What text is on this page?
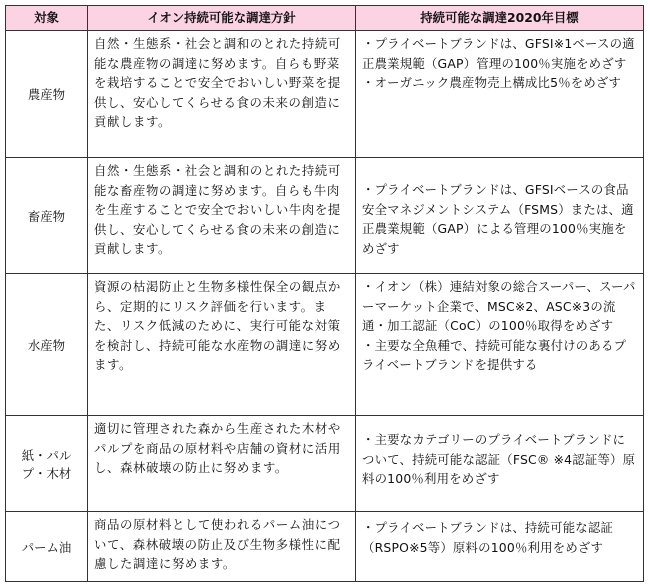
対象	イオン持続可能な調達方針	持続可能な調達2020年目標
農産物	自然・生態系・社会と調和のとれた持続可能な農産物の調達に努めます。自らも野菜を栽培することで安全でおいしい野菜を提供し、安心してくらせる食の未来の創造に貢献します。	・プライベートブランドは、GFSI※1ベースの適正農業規範（GAP）管理の100％実施をめざす
・オーガニック農産物売上構成比5％をめざす

畜産物	自然・生態系・社会と調和のとれた持続可能な畜産物の調達に努めます。自らも牛肉を生産することで安全でおいしい牛肉を提供し、安心してくらせる食の未来の創造に貢献します。	・プライベートブランドは、GFSIベースの食品安全マネジメントシステム（FSMS）または、適正農業規範（GAP）による管理の100％実施をめざす

水産物	資源の枯渇防止と生物多様性保全の観点から、定期的にリスク評価を行います。また、リスク低減のために、実行可能な対策を検討し、持続可能な水産物の調達に努めます。	・イオン（株）連結対象の総合スーパー、スーパーマーケット企業で、MSC※2、ASC※3の流通・加工認証（CoC）の100％取得をめざす
・主要な全魚種で、持続可能な裏付けのあるプライベートブランドを提供する

紙・パルプ・木材	適切に管理された森から生産された木材やパルプを商品の原材料や店舗の資材に活用し、森林破壊の防止に努めます。	・主要なカテゴリーのプライベートブランドについて、持続可能な認証（FSC® ※4認証等）原料の100％利用をめざす

パーム油	商品の原材料として使われるパーム油について、森林破壊の防止及び生物多様性に配慮した調達に努めます。	・プライベートブランドは、持続可能な認証（RSPO※5等）原料の100％利用をめざす
